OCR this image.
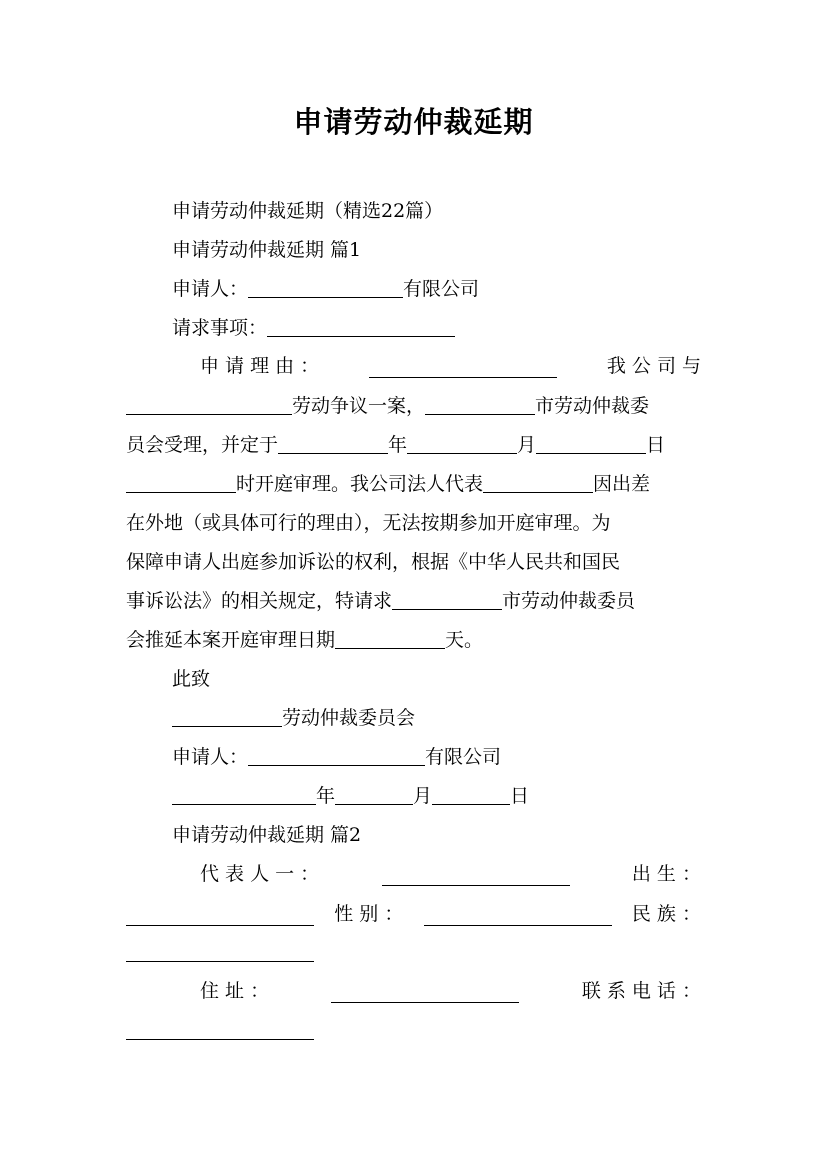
申请劳动仲裁延期
申请劳动仲裁延期（精选22篇）
申请劳动仲裁延期 篇1
申请人：	有限公司
请求事项：
申 请 理 由 ：	我 公 司 与
劳动争议一案，	市劳动仲裁委
员会受理，并定于	年	月	日
时开庭审理。我公司法人代表	因出差
在外地（或具体可行的理由），无法按期参加开庭审理。为
保障申请人出庭参加诉讼的权利，根据《中华人民共和国民
事诉讼法》的相关规定，特请求	市劳动仲裁委员
会推延本案开庭审理日期	天。
此致
劳动仲裁委员会
申请人：	有限公司
年	月	日
申请劳动仲裁延期 篇2
代 表 人 一 ：	出 生 ：
性 别 ：	民 族 ：
住 址 ：	联 系 电 话 ：
